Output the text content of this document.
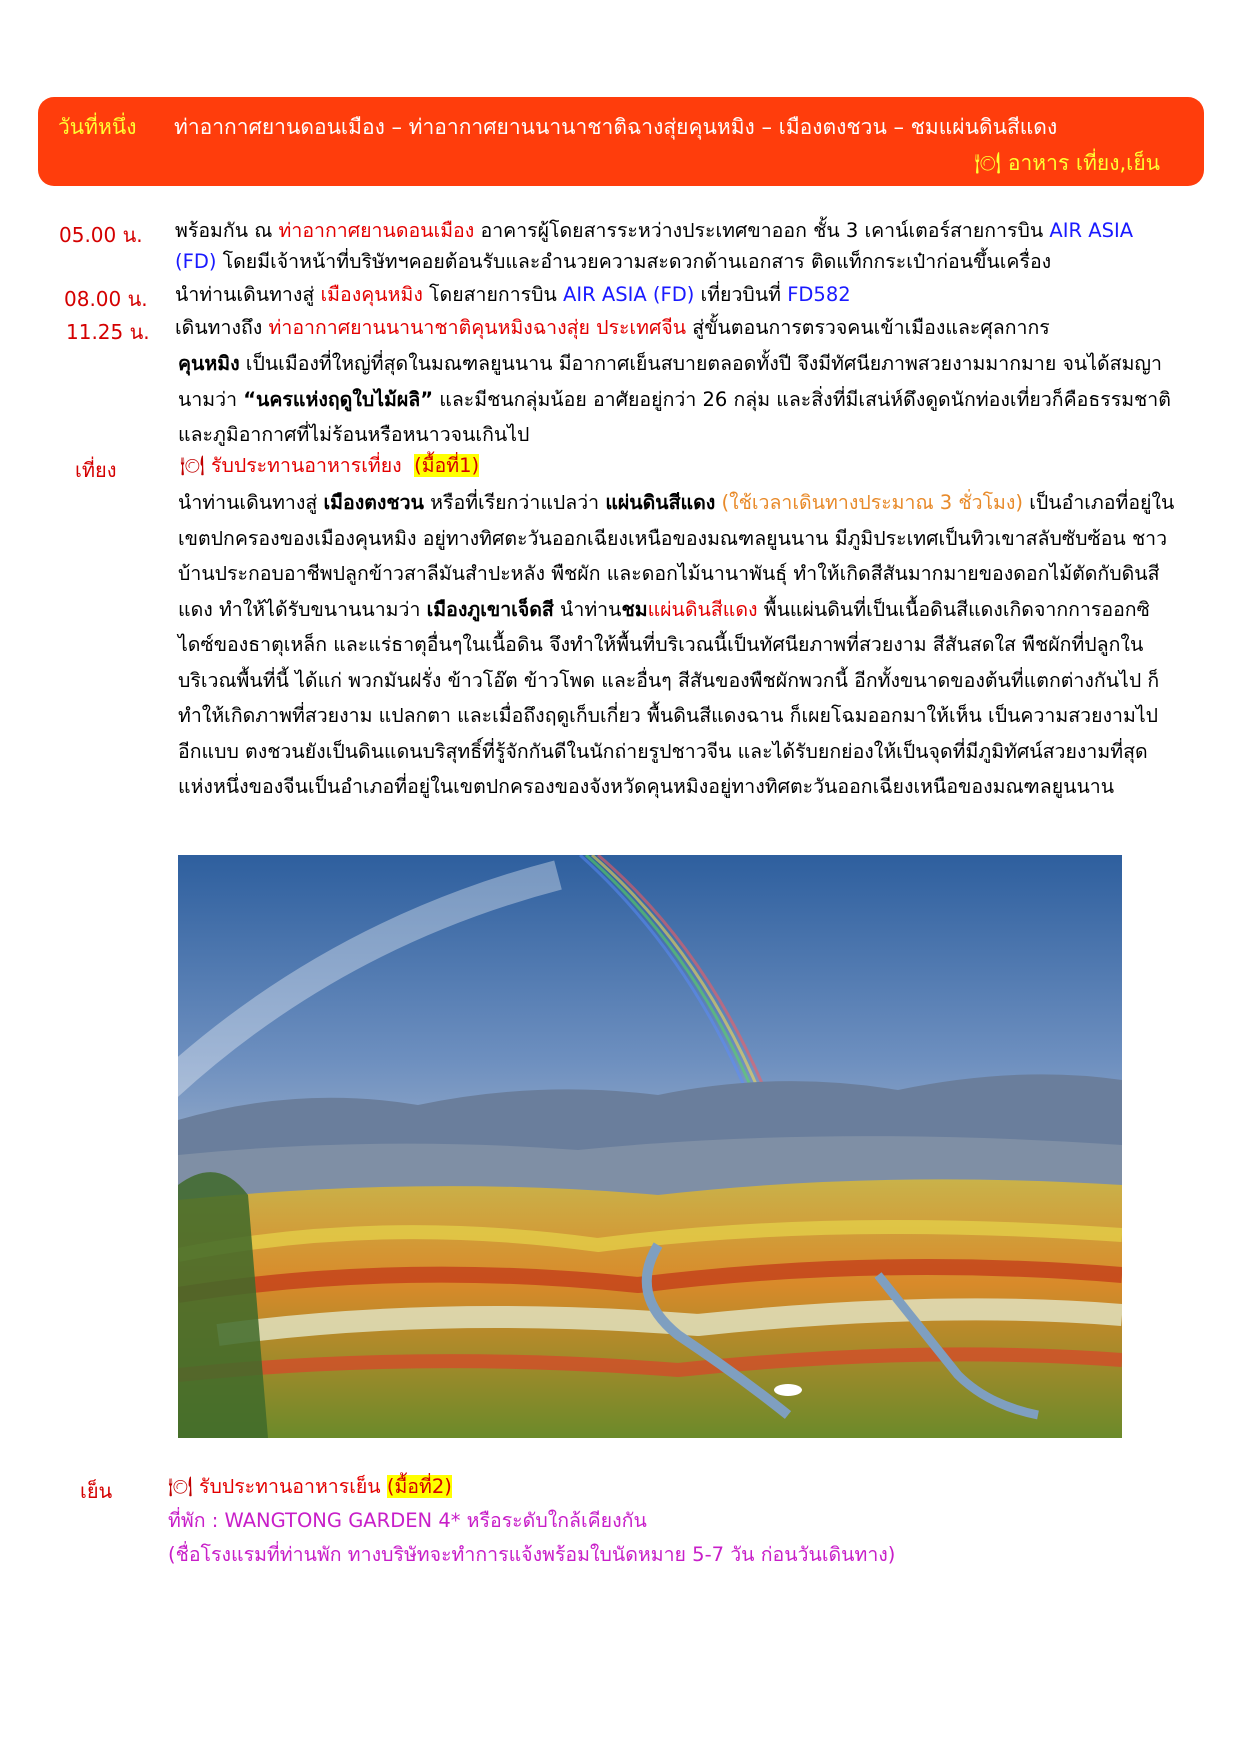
วันที่หนึ่ง ท่าอากาศยานดอนเมือง – ท่าอากาศยานนานาชาติฉางสุ่ยคุนหมิง – เมืองตงชวน – ชมแผ่นดินสีแดง
🍽 อาหาร เที่ยง,เย็น
05.00 น. พร้อมกัน ณ ท่าอากาศยานดอนเมือง อาคารผู้โดยสารระหว่างประเทศขาออก ชั้น 3 เคาน์เตอร์สายการบิน AIR ASIA
(FD) โดยมีเจ้าหน้าที่บริษัทฯคอยต้อนรับและอำนวยความสะดวกด้านเอกสาร ติดแท็กกระเป๋าก่อนขึ้นเครื่อง
08.00 น. นำท่านเดินทางสู่ เมืองคุนหมิง โดยสายการบิน AIR ASIA (FD) เที่ยวบินที่ FD582
11.25 น. เดินทางถึง ท่าอากาศยานนานาชาติคุนหมิงฉางสุ่ย ประเทศจีน สู่ขั้นตอนการตรวจคนเข้าเมืองและศุลกากร
คุนหมิง เป็นเมืองที่ใหญ่ที่สุดในมณฑลยูนนาน มีอากาศเย็นสบายตลอดทั้งปี จึงมีทัศนียภาพสวยงามมากมาย จนได้สมญานามว่า “นครแห่งฤดูใบไม้ผลิ” และมีชนกลุ่มน้อย อาศัยอยู่กว่า 26 กลุ่ม และสิ่งที่มีเสน่ห์ดึงดูดนักท่องเที่ยวก็คือธรรมชาติและภูมิอากาศที่ไม่ร้อนหรือหนาวจนเกินไป
เที่ยง	🍽 รับประทานอาหารเที่ยง (มื้อที่1)
นำท่านเดินทางสู่ เมืองตงชวน หรือที่เรียกว่าแปลว่า แผ่นดินสีแดง (ใช้เวลาเดินทางประมาณ 3 ชั่วโมง) เป็นอำเภอที่อยู่ในเขตปกครองของเมืองคุนหมิง อยู่ทางทิศตะวันออกเฉียงเหนือของมณฑลยูนนาน มีภูมิประเทศเป็นทิวเขาสลับซับซ้อน ชาวบ้านประกอบอาชีพปลูกข้าวสาลีมันสำปะหลัง พืชผัก และดอกไม้นานาพันธุ์ ทำให้เกิดสีสันมากมายของดอกไม้ตัดกับดินสีแดง ทำให้ได้รับขนานนามว่า เมืองภูเขาเจ็ดสี นำท่านชมแผ่นดินสีแดง พื้นแผ่นดินที่เป็นเนื้อดินสีแดงเกิดจากการออกซิไดซ์ของธาตุเหล็ก และแร่ธาตุอื่นๆในเนื้อดิน จึงทำให้พื้นที่บริเวณนี้เป็นทัศนียภาพที่สวยงาม สีสันสดใส พืชผักที่ปลูกในบริเวณพื้นที่นี้ ได้แก่ พวกมันฝรั่ง ข้าวโอ๊ต ข้าวโพด และอื่นๆ สีสันของพืชผักพวกนี้ อีกทั้งขนาดของต้นที่แตกต่างกันไป ก็ทำให้เกิดภาพที่สวยงาม แปลกตา และเมื่อถึงฤดูเก็บเกี่ยว พื้นดินสีแดงฉาน ก็เผยโฉมออกมาให้เห็น เป็นความสวยงามไปอีกแบบ ตงชวนยังเป็นดินแดนบริสุทธิ์ที่รู้จักกันดีในนักถ่ายรูปชาวจีน และได้รับยกย่องให้เป็นจุดที่มีภูมิทัศน์สวยงามที่สุดแห่งหนึ่งของจีนเป็นอำเภอที่อยู่ในเขตปกครองของจังหวัดคุนหมิงอยู่ทางทิศตะวันออกเฉียงเหนือของมณฑลยูนนาน
เย็น	🍽 รับประทานอาหารเย็น (มื้อที่2)
ที่พัก : WANGTONG GARDEN 4* หรือระดับใกล้เคียงกัน
(ชื่อโรงแรมที่ท่านพัก ทางบริษัทจะทำการแจ้งพร้อมใบนัดหมาย 5-7 วัน ก่อนวันเดินทาง)
